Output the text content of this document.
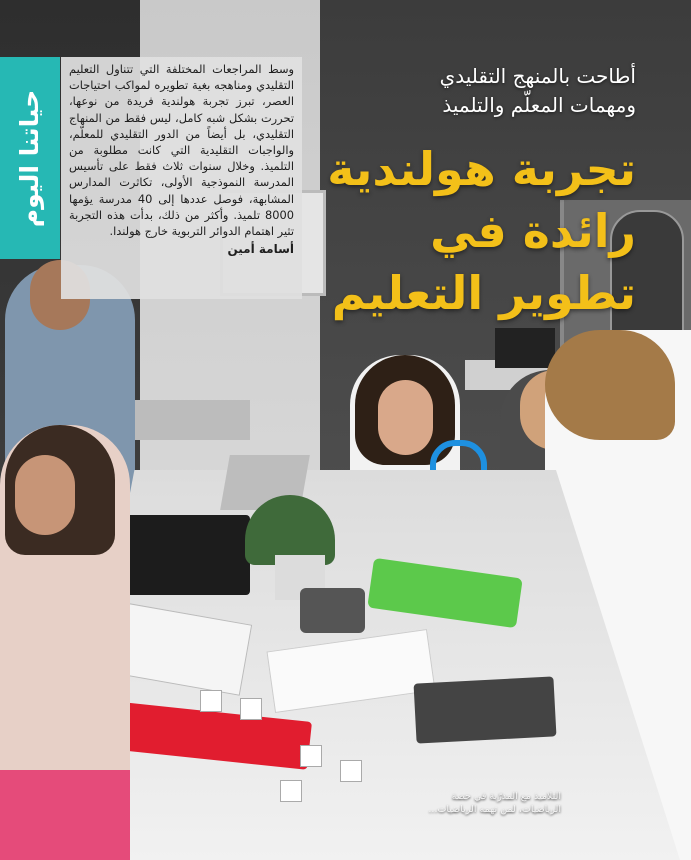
حياتنا اليوم
وسط المراجعات المختلفة التي تتناول التعليم التقليدي ومناهجه بغية تطويره لمواكب احتياجات العصر، تبرز تجربة هولندية فريدة من نوعها، تحررت بشكل شبه كامل، ليس فقط من المنهاج التقليدي، بل أيضاً من الدور التقليدي للمعلّم، والواجبات التقليدية التي كانت مطلوبة من التلميذ. وخلال سنوات ثلاث فقط على تأسيس المدرسة النموذجية الأولى، تكاثرت المدارس المشابهة، فوصل عددها إلى 40 مدرسة يؤمها 8000 تلميذ. وأكثر من ذلك، بدأت هذه التجربة تثير اهتمام الدوائر التربوية خارج هولندا.
أسامة أمين
أطاحت بالمنهج التقليدي
ومهمات المعلّم والتلميذ
تجربة هولندية
رائدة في
تطوير التعليم
التلاميذ مع المدرّبة في حصة
الرياضيات، لمن تهمه الرياضيات...
